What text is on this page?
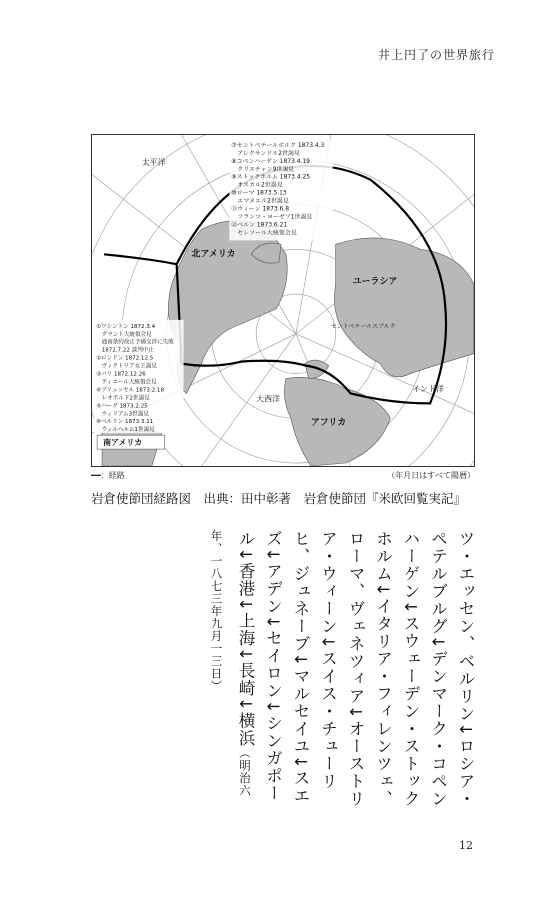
井上円了の世界旅行
太平洋
北アメリカ
ユーラシア
大西洋
アフリカ
インド洋
セントペテールスブルク
南アメリカ
⑦セントペテールボルク 1873.4.3
　アレクサンドル2世謁見
⑧コペンハーゲン 1873.4.19
　クリスチャン9世謁見
⑨ストックホルム 1873.4.25
　オスカル2世謁見
⑩ローマ 1873.5.13
　エマヌエル2世謁見
⑪ウィーン 1873.6.8
　フランツ・ヨーゼフ1世謁見
⑫ベルン 1873.6.21
　セレソール大統領会見
①ワシントン 1872.3.4
　グラント大統領会見
　通商条約改正予備交渉に失敗
　1872.7.22 談判中止
②ロンドン 1872.12.5
　ヴィクトリア女王謁見
③パリ 1872.12.26
　ティエール大統領会見
④ブリュッセル 1873.2.18
　レオポルド2世謁見
⑤ハーグ 1873.2.25
　ウィリアム3世謁見
⑥ベルリン 1873.3.11
　ウィルヘルム1世謁見
━━：経路	（年月日はすべて陽暦）
岩倉使節団経路図　出典：田中彰著　岩倉使節団『米欧回覧実記』
ツ・エッセン、ベルリン↓ロシア・ペテルブルグ↓デンマーク・コペンハーゲン↓スウェーデン・ストックホルム↓イタリア・フィレンツェ、ローマ、ヴェネツィア↓オーストリア・ウィーン↓スイス・チューリヒ、ジュネーブ↓マルセイユ↓スエズ↓アデン↓セイロン↓シンガポール↓香港↓上海↓長崎↓横浜（明治六年、一八七三年九月一三日）
12
